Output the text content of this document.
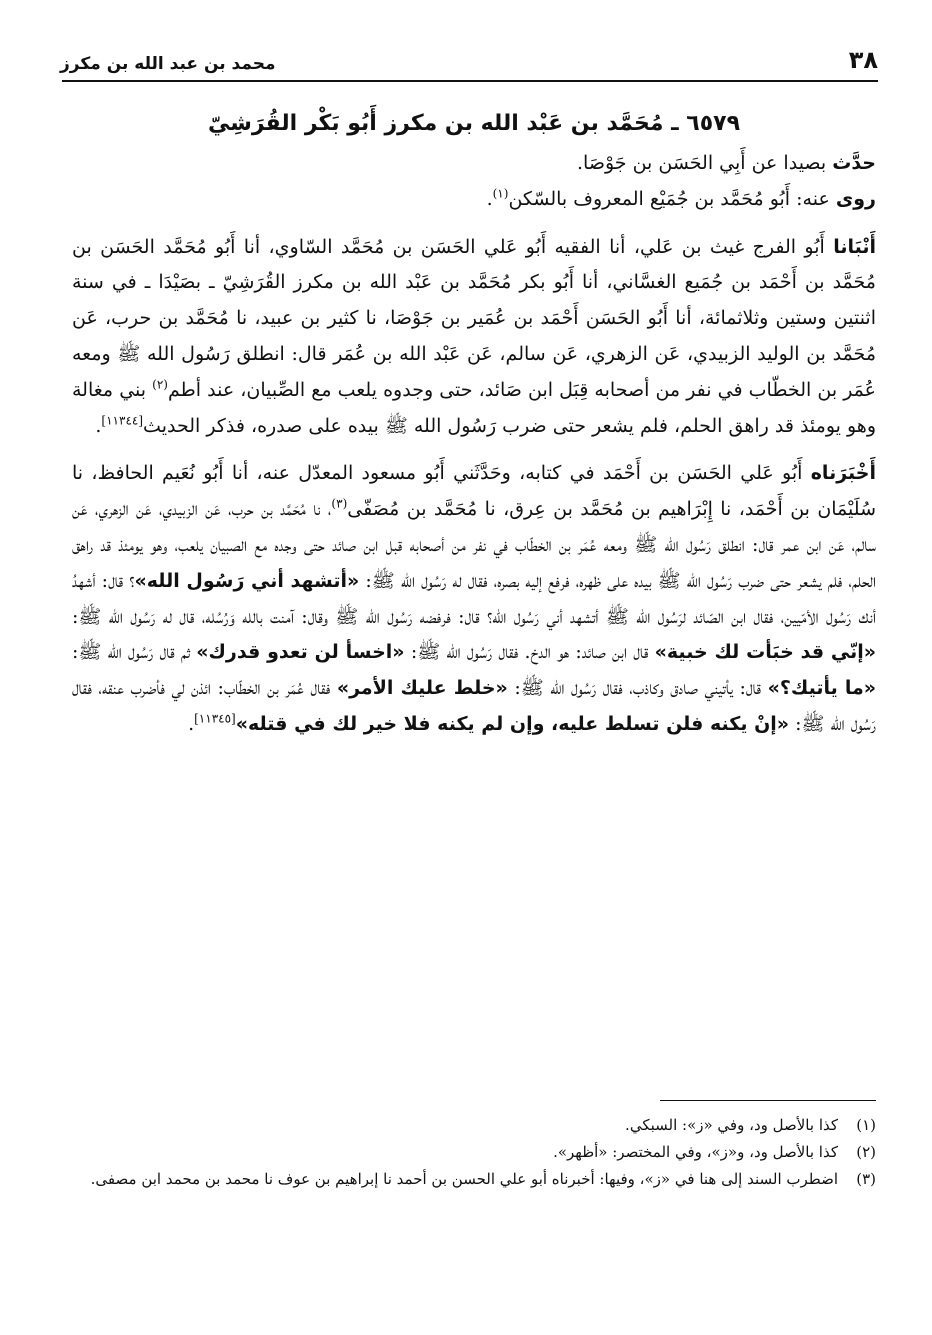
٣٨
محمد بن عبد الله بن مكرز
٦٥٧٩ ـ مُحَمَّد بن عَبْد الله بن مكرز أَبُو بَكْر القُرَشِيّ

حدَّث بصيدا عن أَبِي الحَسَن بن جَوْصَا.

روى عنه: أَبُو مُحَمَّد بن جُمَيْع المعروف بالسّكن$^{(١)}$.

أَنْبَانا أَبُو الفرج غيث بن عَلي، أنا الفقيه أَبُو عَلي الحَسَن بن مُحَمَّد السّاوي، أنا أَبُو مُحَمَّد الحَسَن بن مُحَمَّد بن أَحْمَد بن جُمَيع الغسَّاني، أنا أَبُو بكر مُحَمَّد بن عَبْد الله بن مكرز القُرَشِيّ ـ بصَيْدَا ـ في سنة اثنتين وستين وثلاثمائة، أنا أَبُو الحَسَن أَحْمَد بن عُمَير بن جَوْصَا، نا كثير بن عبيد، نا مُحَمَّد بن حرب، عَن مُحَمَّد بن الوليد الزبيدي، عَن الزهري، عَن سالم، عَن عَبْد الله بن عُمَر قال: انطلق رَسُول الله ﷺ ومعه عُمَر بن الخطّاب في نفر من أصحابه قِبَل ابن صَائد، حتى وجدوه يلعب مع الصِّبيان، عند أطم$^{(٢)}$ بني مغالة وهو يومئذ قد راهق الحلم، فلم يشعر حتى ضرب رَسُول الله ﷺ بيده على صدره، فذكر الحديث[١١٣٤٤].

أَخْبَرَناه أَبُو عَلي الحَسَن بن أَحْمَد في كتابه، وحَدَّثَني أَبُو مسعود المعدّل عنه، أنا أَبُو نُعَيم الحافظ، نا سُلَيْمَان بن أَحْمَد، نا إِبْرَاهيم بن مُحَمَّد بن عِرق، نا مُحَمَّد بن مُصَفّى$^{(٣)}$، نا مُحَمَّد بن حرب، عَن الزبيدي، عَن الزهري، عَن سالم، عَن ابن عمر قال: انطلق رَسُول الله ﷺ ومعه عُمَر بن الخطّاب في نفر من أصحابه قبل ابن صائد حتى وجده مع الصبيان يلعب، وهو يومئذ قد راهق الحلم، فلم يشعر حتى ضرب رَسُول الله ﷺ بيده على ظهره، فرفع إليه بصره، فقال له رَسُول الله ﷺ: «أتشهد أني رَسُول الله»؟ قال: أشهدُ أنك رَسُول الأمّيين، فقال ابن الصّائد لرَسُول الله ﷺ أتشهد أني رَسُول الله؟ قال: فرفضه رَسُول الله ﷺ وقال: آمنت بالله وَرُسُله، قال له رَسُول الله ﷺ: «إنّي قد خبَأت لك خبية» قال ابن صائد: هو الدخ. فقال رَسُول الله ﷺ: «اخسأ لن تعدو قدرك» ثم قال رَسُول الله ﷺ: «ما يأتيك؟» قال: يأتيني صادق وكاذب، فقال رَسُول الله ﷺ: «خلط عليك الأمر» فقال عُمَر بن الخطّاب: ائذن لي فأضرب عنقه، فقال رَسُول الله ﷺ: «إنْ يكنه فلن تسلط عليه، وإن لم يكنه فلا خير لك في قتله»[١١٣٤٥].

(١)
كذا بالأصل ود، وفي «ز»: السبكي.

(٢)
كذا بالأصل ود، و«ز»، وفي المختصر: «أظهر».

(٣)
اضطرب السند إلى هنا في «ز»، وفيها: أخبرناه أبو علي الحسن بن أحمد نا إبراهيم بن عوف نا محمد بن محمد ابن مصفى.
